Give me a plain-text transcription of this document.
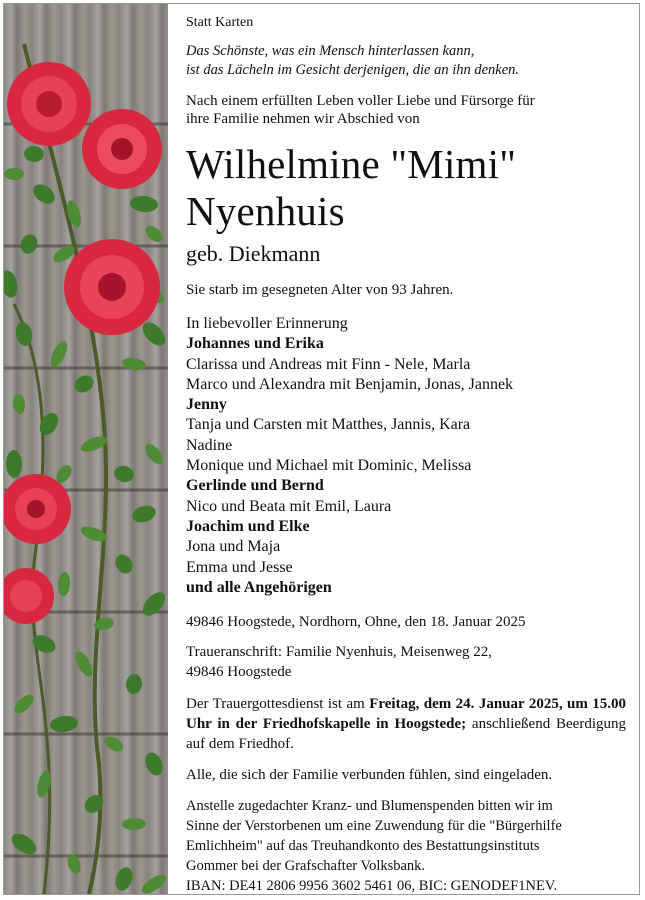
Statt Karten
Das Schönste, was ein Mensch hinterlassen kann,
ist das Lächeln im Gesicht derjenigen, die an ihn denken.
Nach einem erfüllten Leben voller Liebe und Fürsorge für
ihre Familie nehmen wir Abschied von
Wilhelmine "Mimi"
Nyenhuis
geb. Diekmann
Sie starb im gesegneten Alter von 93 Jahren.
In liebevoller Erinnerung
Johannes und Erika
Clarissa und Andreas mit Finn - Nele, Marla
Marco und Alexandra mit Benjamin, Jonas, Jannek
Jenny
Tanja und Carsten mit Matthes, Jannis, Kara
Nadine
Monique und Michael mit Dominic, Melissa
Gerlinde und Bernd
Nico und Beata mit Emil, Laura
Joachim und Elke
Jona und Maja
Emma und Jesse
und alle Angehörigen
49846 Hoogstede, Nordhorn, Ohne, den 18. Januar 2025
Traueranschrift: Familie Nyenhuis, Meisenweg 22,
49846 Hoogstede
Der Trauergottesdienst ist am Freitag, dem 24. Januar 2025, um 15.00 Uhr in der Friedhofskapelle in Hoogstede; anschließend Beerdigung auf dem Friedhof.
Alle, die sich der Familie verbunden fühlen, sind eingeladen.
Anstelle zugedachter Kranz- und Blumenspenden bitten wir im
Sinne der Verstorbenen um eine Zuwendung für die "Bürgerhilfe
Emlichheim" auf das Treuhandkonto des Bestattungsinstituts
Gommer bei der Grafschafter Volksbank.
IBAN: DE41 2806 9956 3602 5461 06, BIC: GENODEF1NEV.
